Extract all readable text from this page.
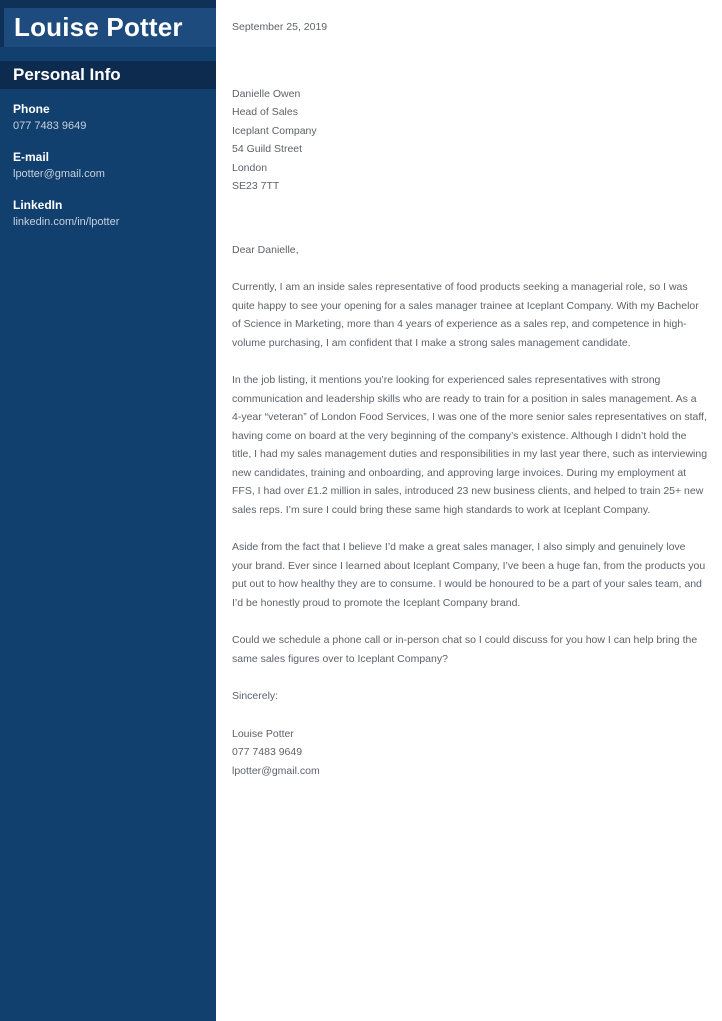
Louise Potter
Personal Info
Phone
077 7483 9649
E-mail
lpotter@gmail.com
LinkedIn
linkedin.com/in/lpotter

September 25, 2019

Danielle Owen

Head of Sales

Iceplant Company

54 Guild Street

London

SE23 7TT

Dear Danielle,

Currently, I am an inside sales representative of food products seeking a managerial role, so I was quite happy to see your opening for a sales manager trainee at Iceplant Company. With my Bachelor of Science in Marketing, more than 4 years of experience as a sales rep, and competence in high-volume purchasing, I am confident that I make a strong sales management candidate.

In the job listing, it mentions you’re looking for experienced sales representatives with strong communication and leadership skills who are ready to train for a position in sales management. As a 4-year “veteran” of London Food Services, I was one of the more senior sales representatives on staff, having come on board at the very beginning of the company’s existence. Although I didn’t hold the title, I had my sales management duties and responsibilities in my last year there, such as interviewing new candidates, training and onboarding, and approving large invoices. During my employment at FFS, I had over £1.2 million in sales, introduced 23 new business clients, and helped to train 25+ new sales reps. I’m sure I could bring these same high standards to work at Iceplant Company.

Aside from the fact that I believe I’d make a great sales manager, I also simply and genuinely love your brand. Ever since I learned about Iceplant Company, I’ve been a huge fan, from the products you put out to how healthy they are to consume. I would be honoured to be a part of your sales team, and I’d be honestly proud to promote the Iceplant Company brand.

Could we schedule a phone call or in-person chat so I could discuss for you how I can help bring the same sales figures over to Iceplant Company?

Sincerely:

Louise Potter

077 7483 9649

lpotter@gmail.com
